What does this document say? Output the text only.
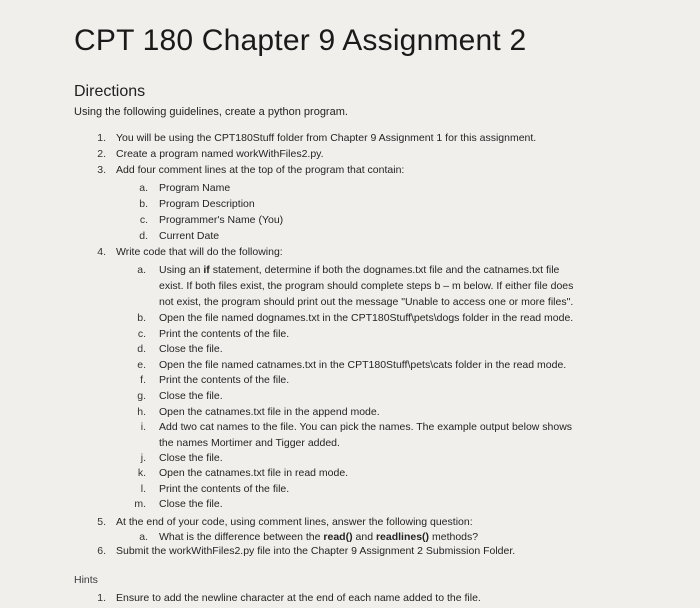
CPT 180 Chapter 9 Assignment 2
Directions
Using the following guidelines, create a python program.
Hints
1. You will be using the CPT180Stuff folder from Chapter 9 Assignment 1 for this assignment.
2. Create a program named workWithFiles2.py.
3. Add four comment lines at the top of the program that contain:
4. Write code that will do the following:
5. At the end of your code, using comment lines, answer the following question:
6. Submit the workWithFiles2.py file into the Chapter 9 Assignment 2 Submission Folder.
a. Program Name
b. Program Description
c. Programmer's Name (You)
d. Current Date
a. Using an if statement, determine if both the dognames.txt file and the catnames.txt file
exist. If both files exist, the program should complete steps b – m below. If either file does
not exist, the program should print out the message "Unable to access one or more files".
b. Open the file named dognames.txt in the CPT180Stuff\pets\dogs folder in the read mode.
c. Print the contents of the file.
d. Close the file.
e. Open the file named catnames.txt in the CPT180Stuff\pets\cats folder in the read mode.
f. Print the contents of the file.
g. Close the file.
h. Open the catnames.txt file in the append mode.
i. Add two cat names to the file. You can pick the names. The example output below shows
the names Mortimer and Tigger added.
j. Close the file.
k. Open the catnames.txt file in read mode.
l. Print the contents of the file.
m. Close the file.
a. What is the difference between the read() and readlines() methods?
1. Ensure to add the newline character at the end of each name added to the file.
